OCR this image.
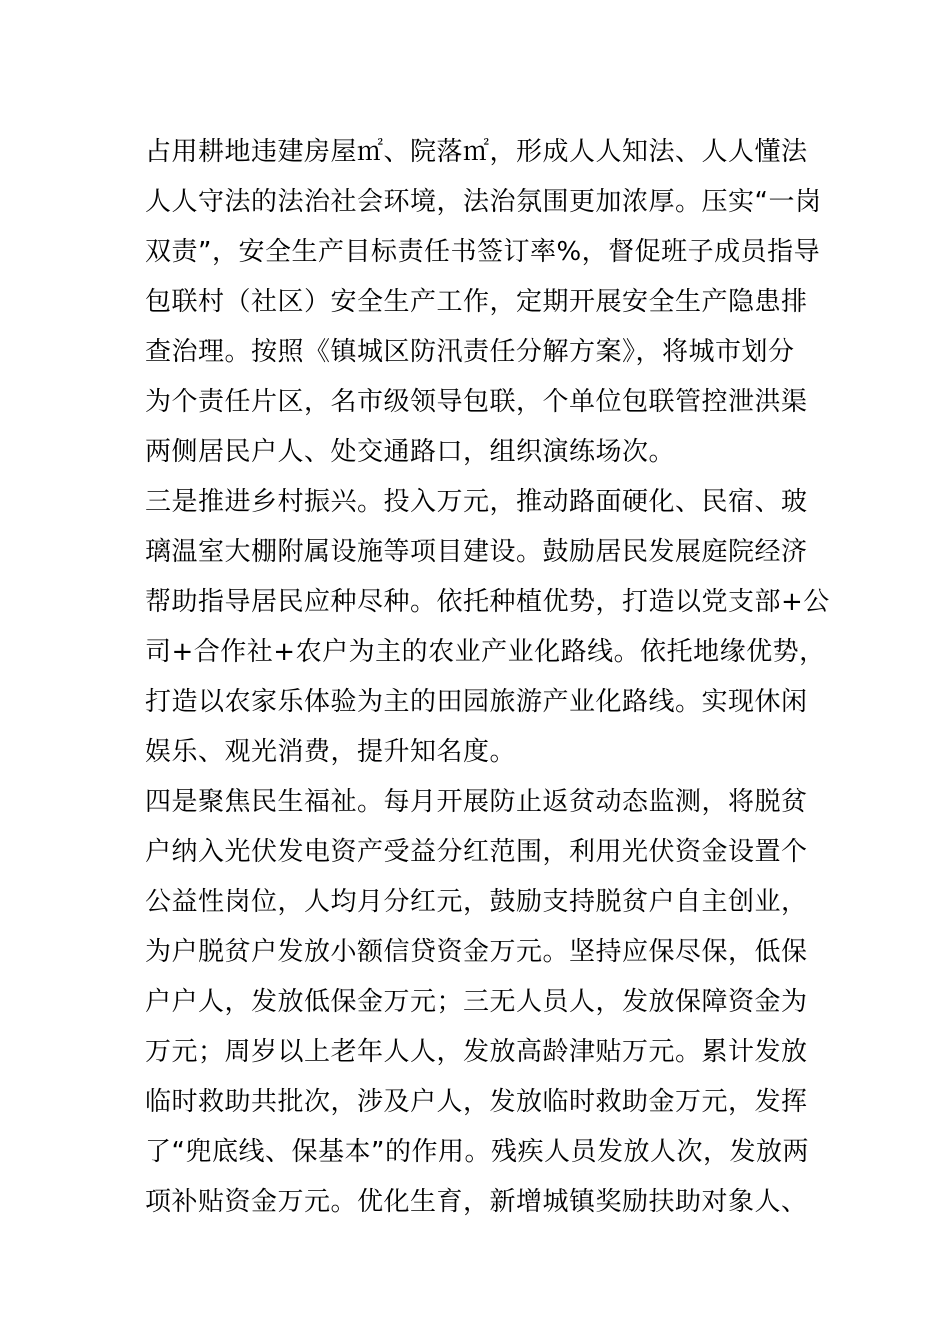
占用耕地违建房屋㎡、院落㎡，形成人人知法、人人懂法
人人守法的法治社会环境，法治氛围更加浓厚。压实“一岗
双责”，安全生产目标责任书签订率%，督促班子成员指导
包联村（社区）安全生产工作，定期开展安全生产隐患排
查治理。按照《镇城区防汛责任分解方案》，将城市划分
为个责任片区，名市级领导包联，个单位包联管控泄洪渠
两侧居民户人、处交通路口，组织演练场次。
三是推进乡村振兴。投入万元，推动路面硬化、民宿、玻
璃温室大棚附属设施等项目建设。鼓励居民发展庭院经济
帮助指导居民应种尽种。依托种植优势，打造以党支部+公
司+合作社+农户为主的农业产业化路线。依托地缘优势，
打造以农家乐体验为主的田园旅游产业化路线。实现休闲
娱乐、观光消费，提升知名度。
四是聚焦民生福祉。每月开展防止返贫动态监测，将脱贫
户纳入光伏发电资产受益分红范围，利用光伏资金设置个
公益性岗位，人均月分红元，鼓励支持脱贫户自主创业，
为户脱贫户发放小额信贷资金万元。坚持应保尽保，低保
户户人，发放低保金万元；三无人员人，发放保障资金为
万元；周岁以上老年人人，发放高龄津贴万元。累计发放
临时救助共批次，涉及户人，发放临时救助金万元，发挥
了“兜底线、保基本”的作用。残疾人员发放人次，发放两
项补贴资金万元。优化生育，新增城镇奖励扶助对象人、
